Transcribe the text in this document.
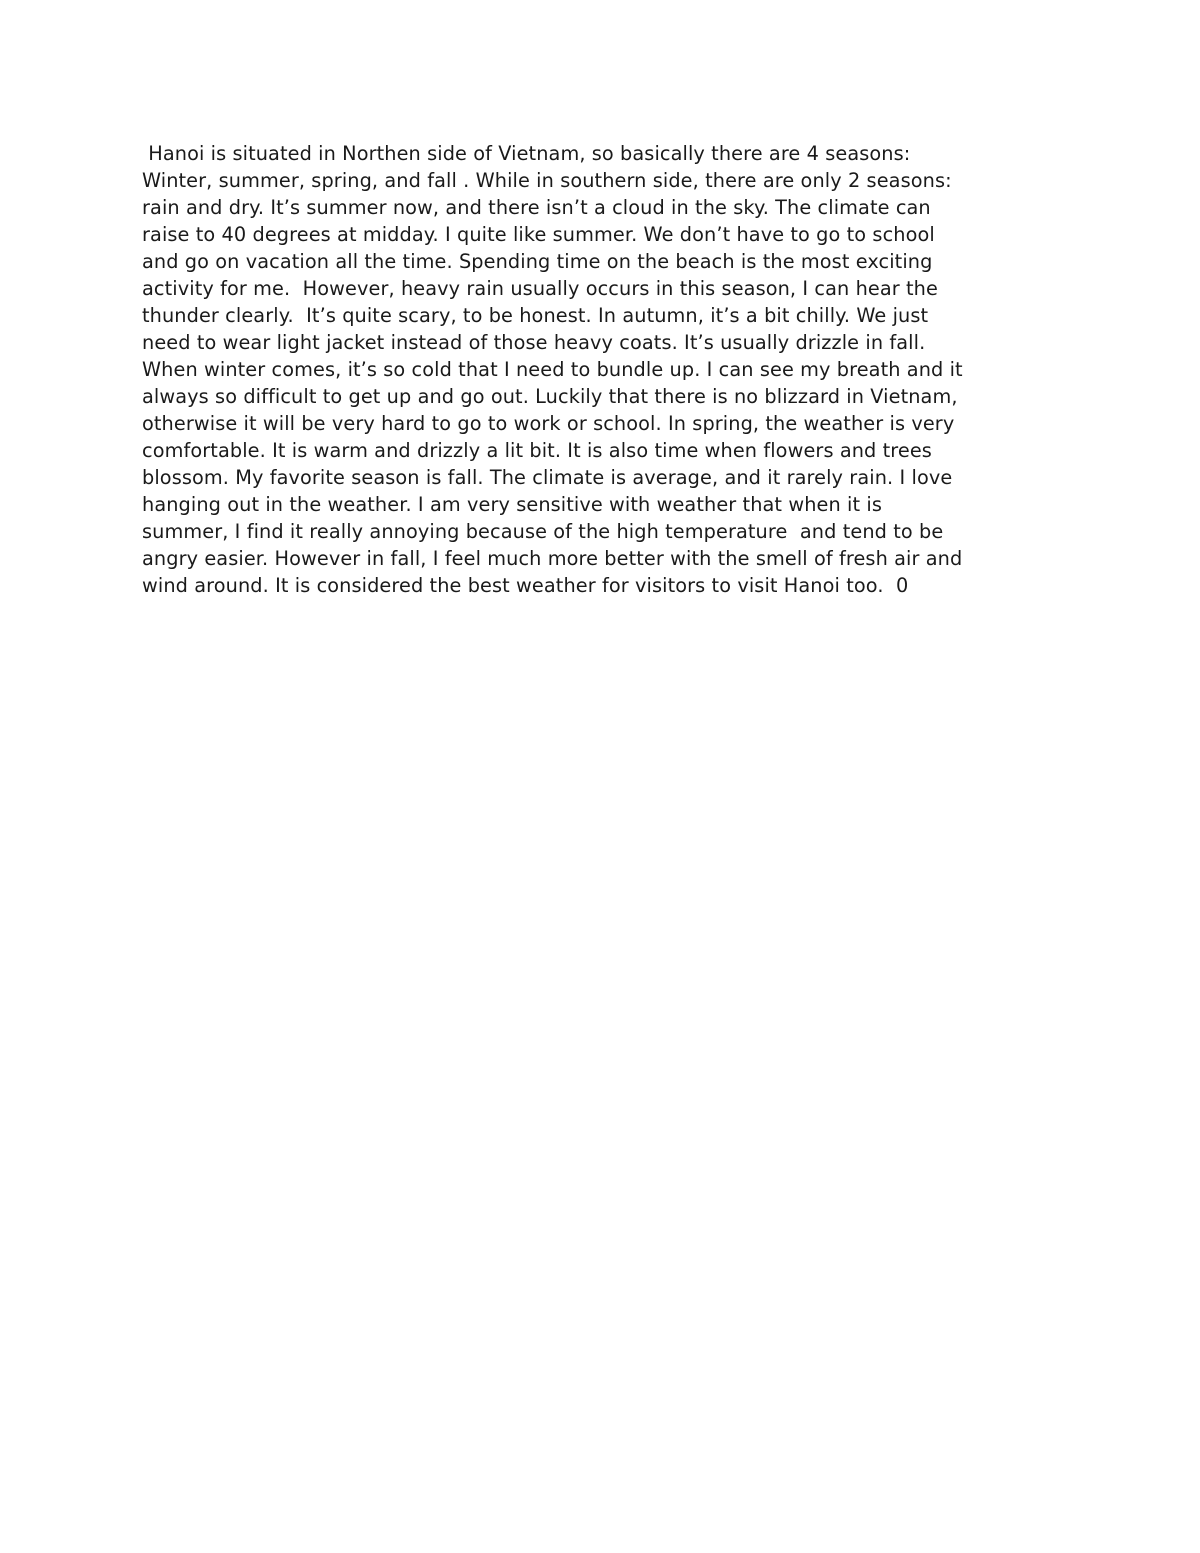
Hanoi is situated in Northen side of Vietnam, so basically there are 4 seasons:
Winter, summer, spring, and fall . While in southern side, there are only 2 seasons:
rain and dry. It’s summer now, and there isn’t a cloud in the sky. The climate can
raise to 40 degrees at midday. I quite like summer. We don’t have to go to school
and go on vacation all the time. Spending time on the beach is the most exciting
activity for me.  However, heavy rain usually occurs in this season, I can hear the
thunder clearly.  It’s quite scary, to be honest. In autumn, it’s a bit chilly. We just
need to wear light jacket instead of those heavy coats. It’s usually drizzle in fall.
When winter comes, it’s so cold that I need to bundle up. I can see my breath and it
always so difficult to get up and go out. Luckily that there is no blizzard in Vietnam,
otherwise it will be very hard to go to work or school. In spring, the weather is very
comfortable. It is warm and drizzly a lit bit. It is also time when flowers and trees
blossom. My favorite season is fall. The climate is average, and it rarely rain. I love
hanging out in the weather. I am very sensitive with weather that when it is
summer, I find it really annoying because of the high temperature  and tend to be
angry easier. However in fall, I feel much more better with the smell of fresh air and
wind around. It is considered the best weather for visitors to visit Hanoi too.  0
